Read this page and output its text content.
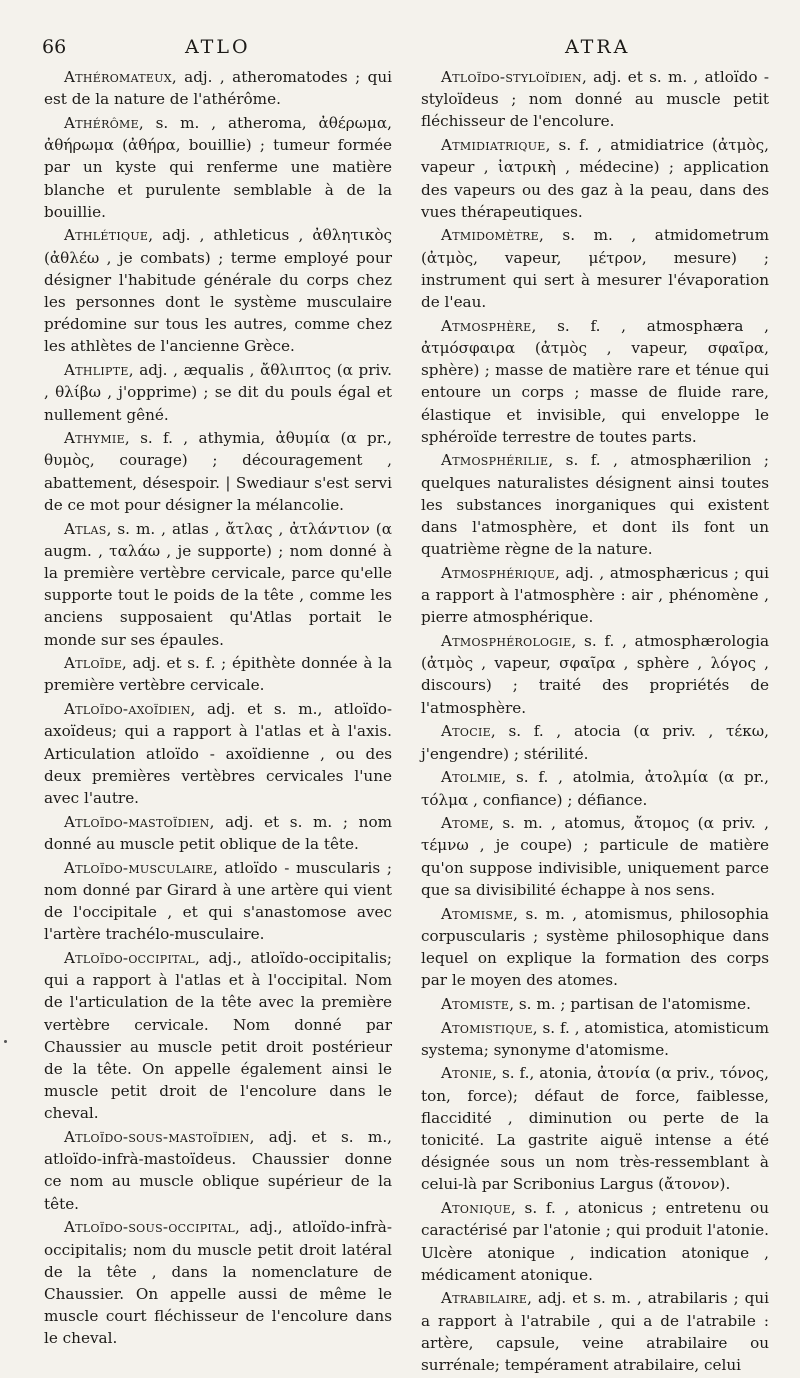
66	ATLO	ATRA

Athéromateux, adj. , atheromatodes ; qui est de la nature de l'athérôme.

Athérôme, s. m. , atheroma, ἀθέρωμα, ἀθήρωμα (ἀθήρα, bouillie) ; tumeur formée par un kyste qui renferme une matière blanche et purulente semblable à de la bouillie.

Athlétique, adj. , athleticus , ἀθλητικὸς (ἀθλέω , je combats) ; terme employé pour désigner l'habitude générale du corps chez les personnes dont le système musculaire prédomine sur tous les autres, comme chez les athlètes de l'ancienne Grèce.

Athlipte, adj. , æqualis , ἄθλιπτος (α priv. , θλίβω , j'opprime) ; se dit du pouls égal et nullement gêné.

Athymie, s. f. , athymia, ἀθυμία (α pr., θυμὸς, courage) ; découragement , abattement, désespoir. | Swediaur s'est servi de ce mot pour désigner la mélancolie.

Atlas, s. m. , atlas , ἄτλας , ἀτλάντιον (α augm. , ταλάω , je supporte) ; nom donné à la première vertèbre cervicale, parce qu'elle supporte tout le poids de la tête , comme les anciens supposaient qu'Atlas portait le monde sur ses épaules.

Atloïde, adj. et s. f. ; épithète donnée à la première vertèbre cervicale.

Atloïdo-axoïdien, adj. et s. m., atloïdo-axoïdeus; qui a rapport à l'atlas et à l'axis. Articulation atloïdo - axoïdienne , ou des deux premières vertèbres cervicales l'une avec l'autre.

Atloïdo-mastoïdien, adj. et s. m. ; nom donné au muscle petit oblique de la tête.

Atloïdo-musculaire, atloïdo - muscularis ; nom donné par Girard à une artère qui vient de l'occipitale , et qui s'anastomose avec l'artère trachélo-musculaire.

Atloïdo-occipital, adj., atloïdo-occipitalis; qui a rapport à l'atlas et à l'occipital. Nom de l'articulation de la tête avec la première vertèbre cervicale. Nom donné par Chaussier au muscle petit droit postérieur de la tête. On appelle également ainsi le muscle petit droit de l'encolure dans le cheval.

Atloïdo-sous-mastoïdien, adj. et s. m., atloïdo-infrà-mastoïdeus. Chaussier donne ce nom au muscle oblique supérieur de la tête.

Atloïdo-sous-occipital, adj., atloïdo-infrà-occipitalis; nom du muscle petit droit latéral de la tête , dans la nomenclature de Chaussier. On appelle aussi de même le muscle court fléchisseur de l'encolure dans le cheval.

Atloïdo-styloïdien, adj. et s. m. , atloïdo - styloïdeus ; nom donné au muscle petit fléchisseur de l'encolure.

Atmidiatrique, s. f. , atmidiatrice (ἀτμὸς, vapeur , ἰατρικὴ , médecine) ; application des vapeurs ou des gaz à la peau, dans des vues thérapeutiques.

Atmidomètre, s. m. , atmidometrum (ἀτμὸς, vapeur, μέτρον, mesure) ; instrument qui sert à mesurer l'évaporation de l'eau.

Atmosphère, s. f. , atmosphæra , ἀτμόσφαιρα (ἀτμὸς , vapeur, σφαῖρα, sphère) ; masse de matière rare et ténue qui entoure un corps ; masse de fluide rare, élastique et invisible, qui enveloppe le sphéroïde terrestre de toutes parts.

Atmosphérilie, s. f. , atmosphærilion ; quelques naturalistes désignent ainsi toutes les substances inorganiques qui existent dans l'atmosphère, et dont ils font un quatrième règne de la nature.

Atmosphérique, adj. , atmosphæricus ; qui a rapport à l'atmosphère : air , phénomène , pierre atmosphérique.

Atmosphérologie, s. f. , atmosphærologia (ἀτμὸς , vapeur, σφαῖρα , sphère , λόγος , discours) ; traité des propriétés de l'atmosphère.

Atocie, s. f. , atocia (α priv. , τέκω, j'engendre) ; stérilité.

Atolmie, s. f. , atolmia, ἀτολμία (α pr., τόλμα , confiance) ; défiance.

Atome, s. m. , atomus, ἄτομος (α priv. , τέμνω , je coupe) ; particule de matière qu'on suppose indivisible, uniquement parce que sa divisibilité échappe à nos sens.

Atomisme, s. m. , atomismus, philosophia corpuscularis ; système philosophique dans lequel on explique la formation des corps par le moyen des atomes.

Atomiste, s. m. ; partisan de l'atomisme.

Atomistique, s. f. , atomistica, atomisticum systema; synonyme d'atomisme.

Atonie, s. f., atonia, ἀτονία (α priv., τόνος, ton, force); défaut de force, faiblesse, flaccidité , diminution ou perte de la tonicité. La gastrite aiguë intense a été désignée sous un nom très-ressemblant à celui-là par Scribonius Largus (ἄτονον).

Atonique, s. f. , atonicus ; entretenu ou caractérisé par l'atonie ; qui produit l'atonie. Ulcère atonique , indication atonique , médicament atonique.

Atrabilaire, adj. et s. m. , atrabilaris ; qui a rapport à l'atrabile , qui a de l'atrabile : artère, capsule, veine atrabilaire ou surrénale; tempérament atrabilaire, celui
